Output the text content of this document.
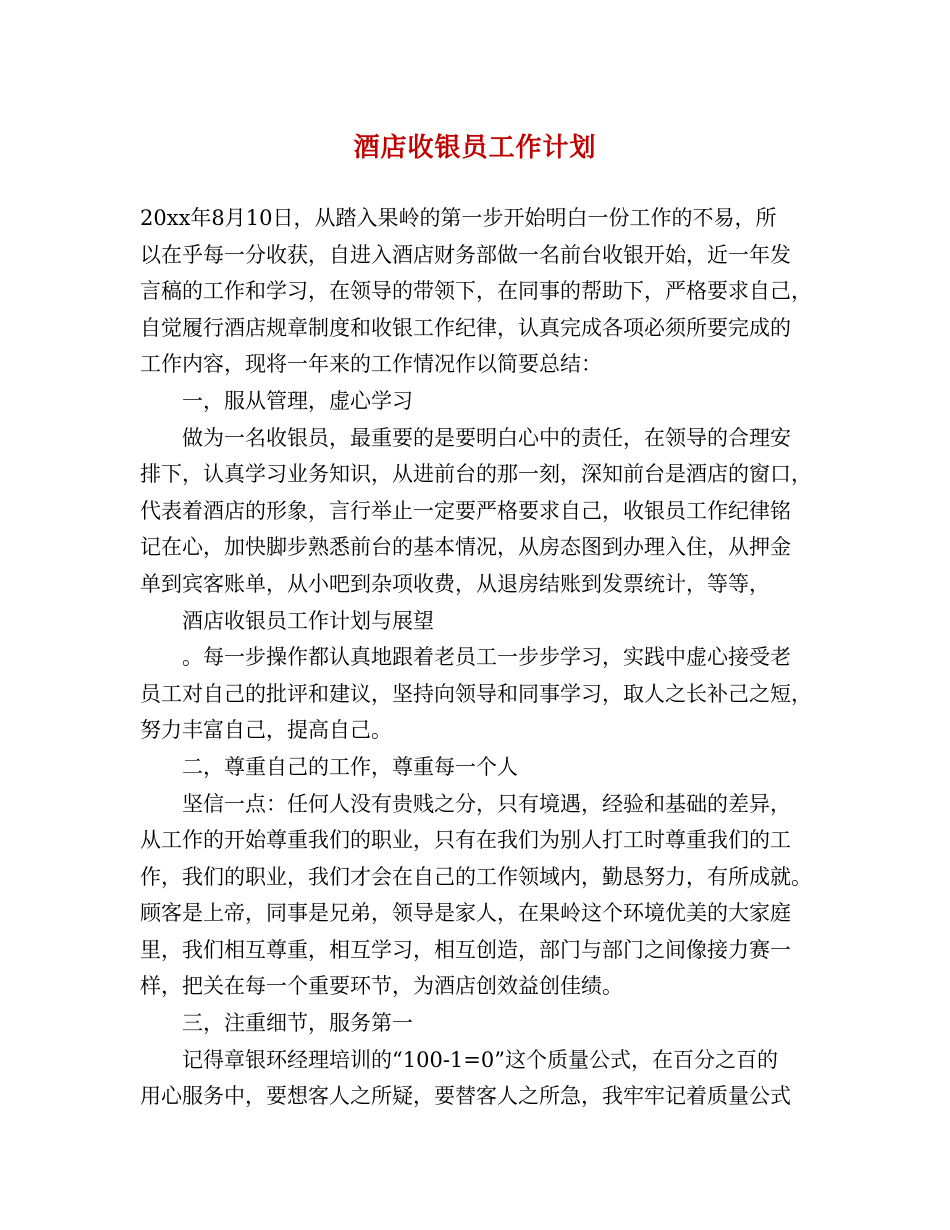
酒店收银员工作计划
20xx年8月10日，从踏入果岭的第一步开始明白一份工作的不易，所
以在乎每一分收获，自进入酒店财务部做一名前台收银开始，近一年发
言稿的工作和学习，在领导的带领下，在同事的帮助下，严格要求自己，
自觉履行酒店规章制度和收银工作纪律，认真完成各项必须所要完成的
工作内容，现将一年来的工作情况作以简要总结：
一，服从管理，虚心学习
做为一名收银员，最重要的是要明白心中的责任，在领导的合理安
排下，认真学习业务知识，从进前台的那一刻，深知前台是酒店的窗口，
代表着酒店的形象，言行举止一定要严格要求自己，收银员工作纪律铭
记在心，加快脚步熟悉前台的基本情况，从房态图到办理入住，从押金
单到宾客账单，从小吧到杂项收费，从退房结账到发票统计，等等，
酒店收银员工作计划与展望
。每一步操作都认真地跟着老员工一步步学习，实践中虚心接受老
员工对自己的批评和建议，坚持向领导和同事学习，取人之长补己之短，
努力丰富自己，提高自己。
二，尊重自己的工作，尊重每一个人
坚信一点：任何人没有贵贱之分，只有境遇，经验和基础的差异，
从工作的开始尊重我们的职业，只有在我们为别人打工时尊重我们的工
作，我们的职业，我们才会在自己的工作领域内，勤恳努力，有所成就。
顾客是上帝，同事是兄弟，领导是家人，在果岭这个环境优美的大家庭
里，我们相互尊重，相互学习，相互创造，部门与部门之间像接力赛一
样，把关在每一个重要环节，为酒店创效益创佳绩。
三，注重细节，服务第一
记得章银环经理培训的“100-1=0”这个质量公式，在百分之百的
用心服务中，要想客人之所疑，要替客人之所急，我牢牢记着质量公式
